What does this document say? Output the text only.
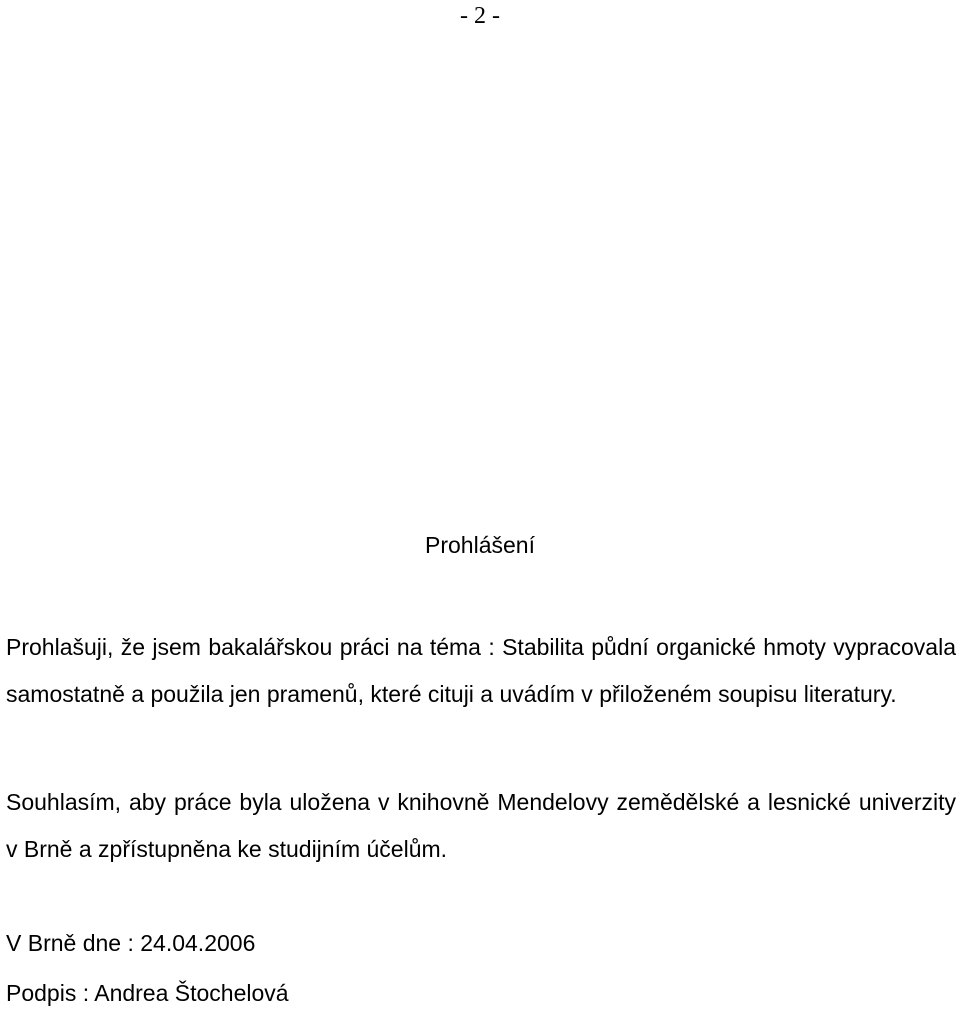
- 2 -
Prohlášení
Prohlašuji, že jsem bakalářskou práci na téma : Stabilita půdní organické hmoty vypracovala samostatně a použila jen pramenů, které cituji a uvádím v přiloženém soupisu literatury.
Souhlasím, aby práce byla uložena v knihovně Mendelovy zemědělské a lesnické univerzity v Brně a zpřístupněna ke studijním účelům.
V Brně dne : 24.04.2006
Podpis : Andrea Štochelová
